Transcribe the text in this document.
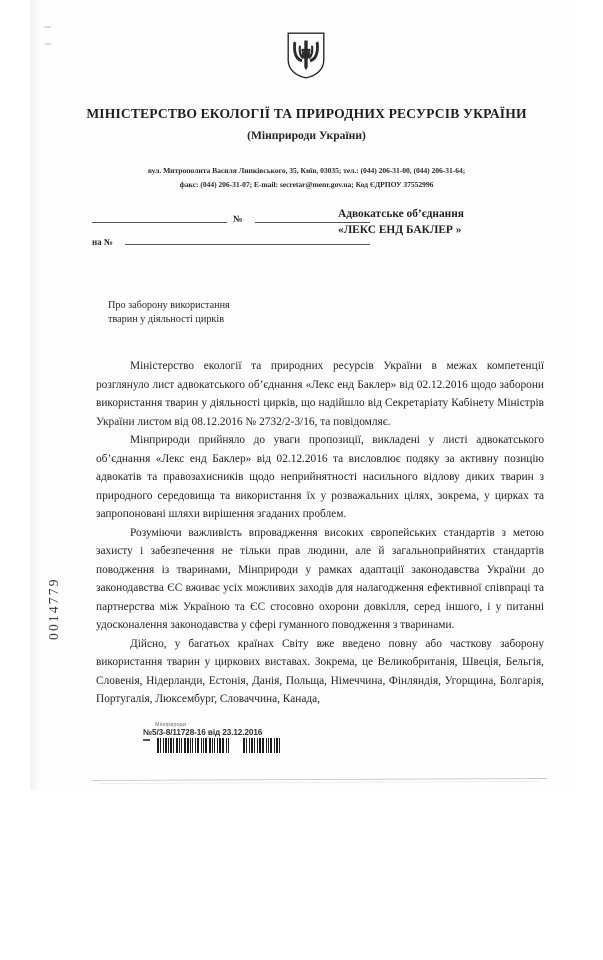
МІНІСТЕРСТВО ЕКОЛОГІЇ ТА ПРИРОДНИХ РЕСУРСІВ УКРАЇНИ
(Мінприроди України)
вул. Митрополита Василя Липківського, 35, Київ, 03035; тел.: (044) 206-31-00, (044) 206-31-64;
факс: (044) 206-31-07; E-mail: secretar@menr.gov.ua; Код ЄДРПОУ 37552996
№
на №
Адвокатське об’єднання
«ЛЕКС ЕНД БАКЛЕР »
Про заборону використання
тварин у діяльності цирків

Міністерство екології та природних ресурсів України в межах компетенції розглянуло лист адвокатського об’єднання «Лекс енд Баклер» від 02.12.2016 щодо заборони використання тварин у діяльності цирків, що надійшло від Секретаріату Кабінету Міністрів України листом від 08.12.2016 № 2732/2-3/16, та повідомляє.

Мінприроди прийняло до уваги пропозиції, викладені у листі адвокатського об’єднання «Лекс енд Баклер» від 02.12.2016 та висловлює подяку за активну позицію адвокатів та правозахисників щодо неприйнятності насильного відлову диких тварин з природного середовища та використання їх у розважальних цілях, зокрема, у цирках та запропоновані шляхи вирішення згаданих проблем.

Розуміючи важливість впровадження високих європейських стандартів з метою захисту і забезпечення не тільки прав людини, але й загальноприйнятих стандартів поводження із тваринами, Мінприроди у рамках адаптації законодавства України до законодавства ЄС вживає усіх можливих заходів для налагодження ефективної співпраці та партнерства між Україною та ЄС стосовно охорони довкілля, серед іншого, і у питанні удосконалення законодавства у сфері гуманного поводження з тваринами.

Дійсно, у багатьох країнах Світу вже введено повну або часткову заборону використання тварин у циркових виставах. Зокрема, це Великобританія, Швеція, Бельгія, Словенія, Нідерланди, Естонія, Данія, Польща, Німеччина, Фінляндія, Угорщина, Болгарія, Португалія, Люксембург, Словаччина, Канада,

0014779
Мінприроди
№5/3-8/11728-16 від 23.12.2016
